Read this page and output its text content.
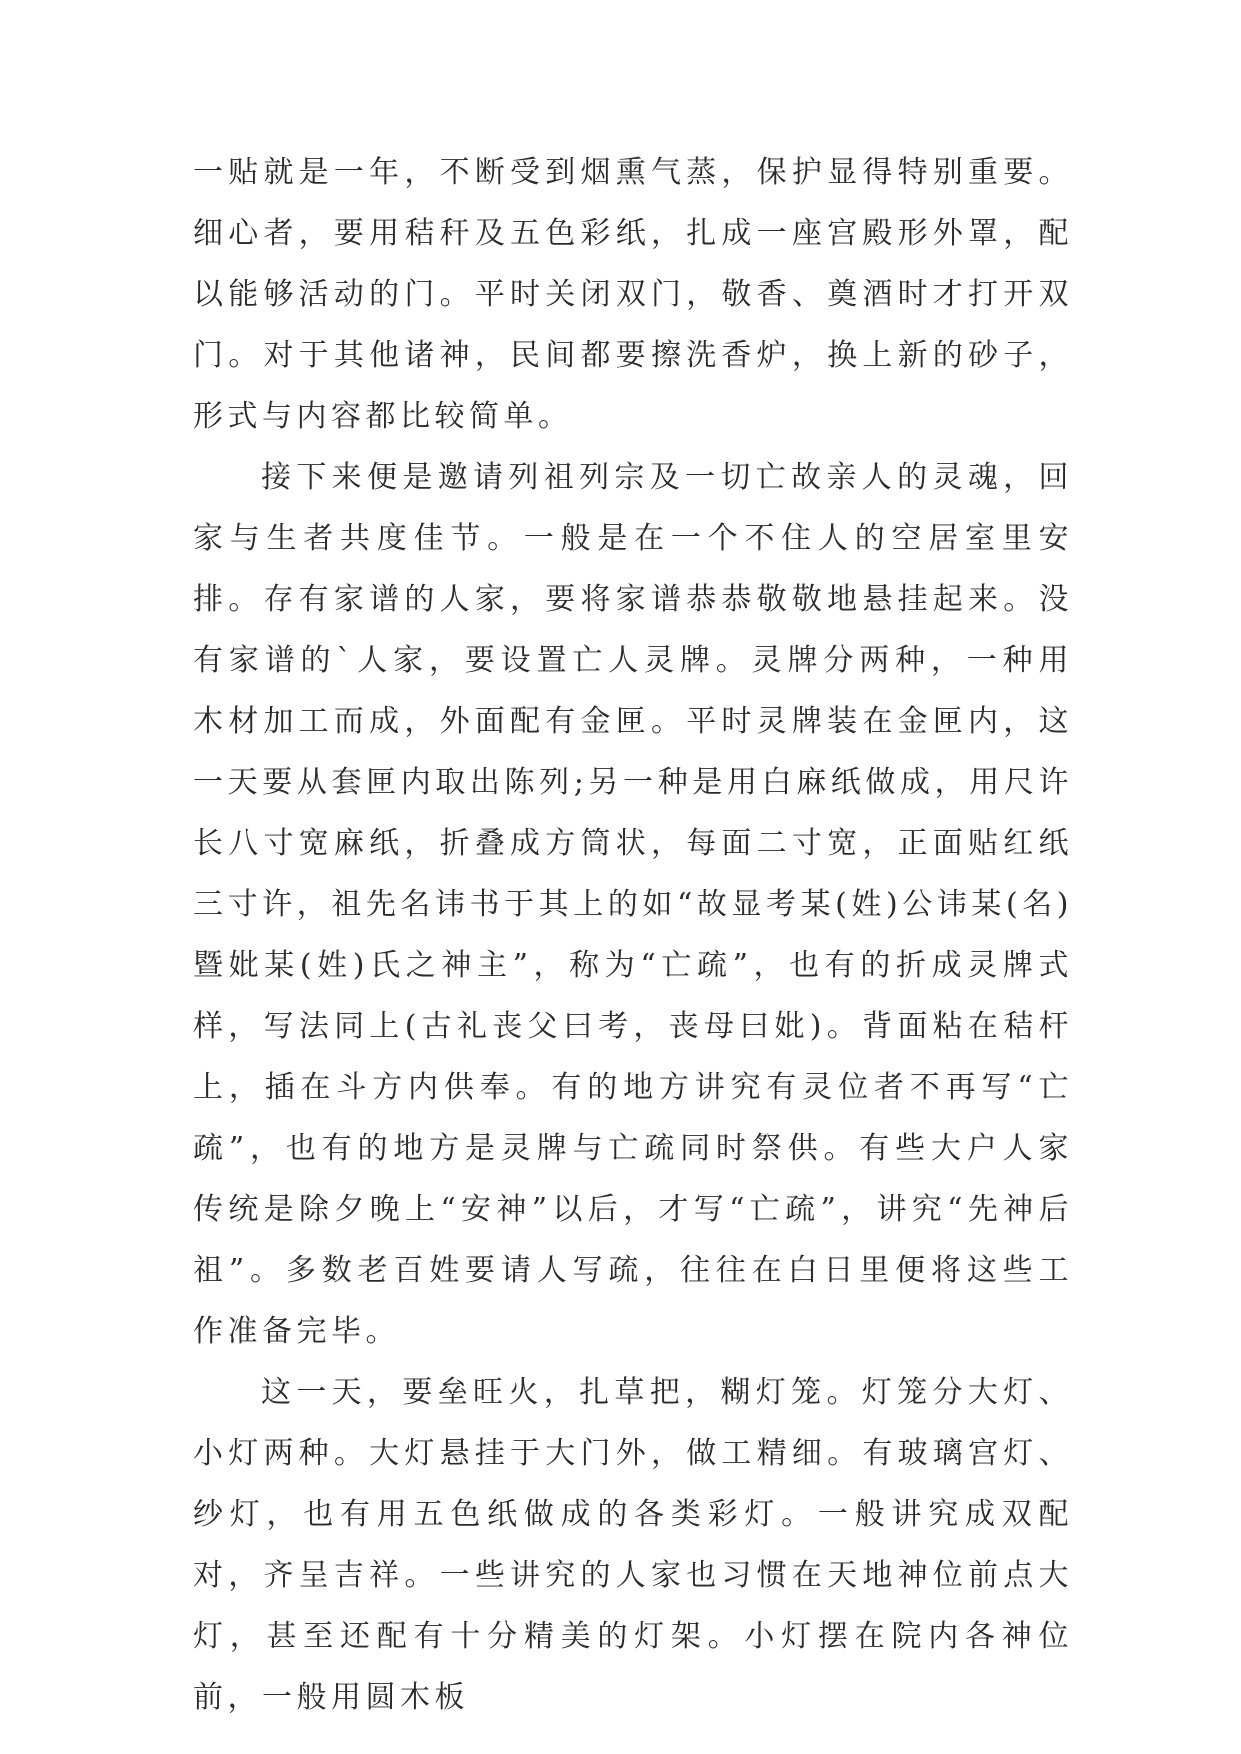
一贴就是一年，不断受到烟熏气蒸，保护显得特别重要。细心者，要用秸秆及五色彩纸，扎成一座宫殿形外罩，配以能够活动的门。平时关闭双门，敬香、奠酒时才打开双门。对于其他诸神，民间都要擦洗香炉，换上新的砂子，形式与内容都比较简单。

接下来便是邀请列祖列宗及一切亡故亲人的灵魂，回家与生者共度佳节。一般是在一个不住人的空居室里安排。存有家谱的人家，要将家谱恭恭敬敬地悬挂起来。没有家谱的`人家，要设置亡人灵牌。灵牌分两种，一种用木材加工而成，外面配有金匣。平时灵牌装在金匣内，这一天要从套匣内取出陈列;另一种是用白麻纸做成，用尺许长八寸宽麻纸，折叠成方筒状，每面二寸宽，正面贴红纸三寸许，祖先名讳书于其上的如“故显考某(姓)公讳某(名)暨妣某(姓)氏之神主”，称为“亡疏”，也有的折成灵牌式样，写法同上(古礼丧父曰考，丧母曰妣)。背面粘在秸杆上，插在斗方内供奉。有的地方讲究有灵位者不再写“亡疏”，也有的地方是灵牌与亡疏同时祭供。有些大户人家传统是除夕晚上“安神”以后，才写“亡疏”，讲究“先神后祖”。多数老百姓要请人写疏，往往在白日里便将这些工作准备完毕。

这一天，要垒旺火，扎草把，糊灯笼。灯笼分大灯、小灯两种。大灯悬挂于大门外，做工精细。有玻璃宫灯、纱灯，也有用五色纸做成的各类彩灯。一般讲究成双配对，齐呈吉祥。一些讲究的人家也习惯在天地神位前点大灯，甚至还配有十分精美的灯架。小灯摆在院内各神位前，一般用圆木板
